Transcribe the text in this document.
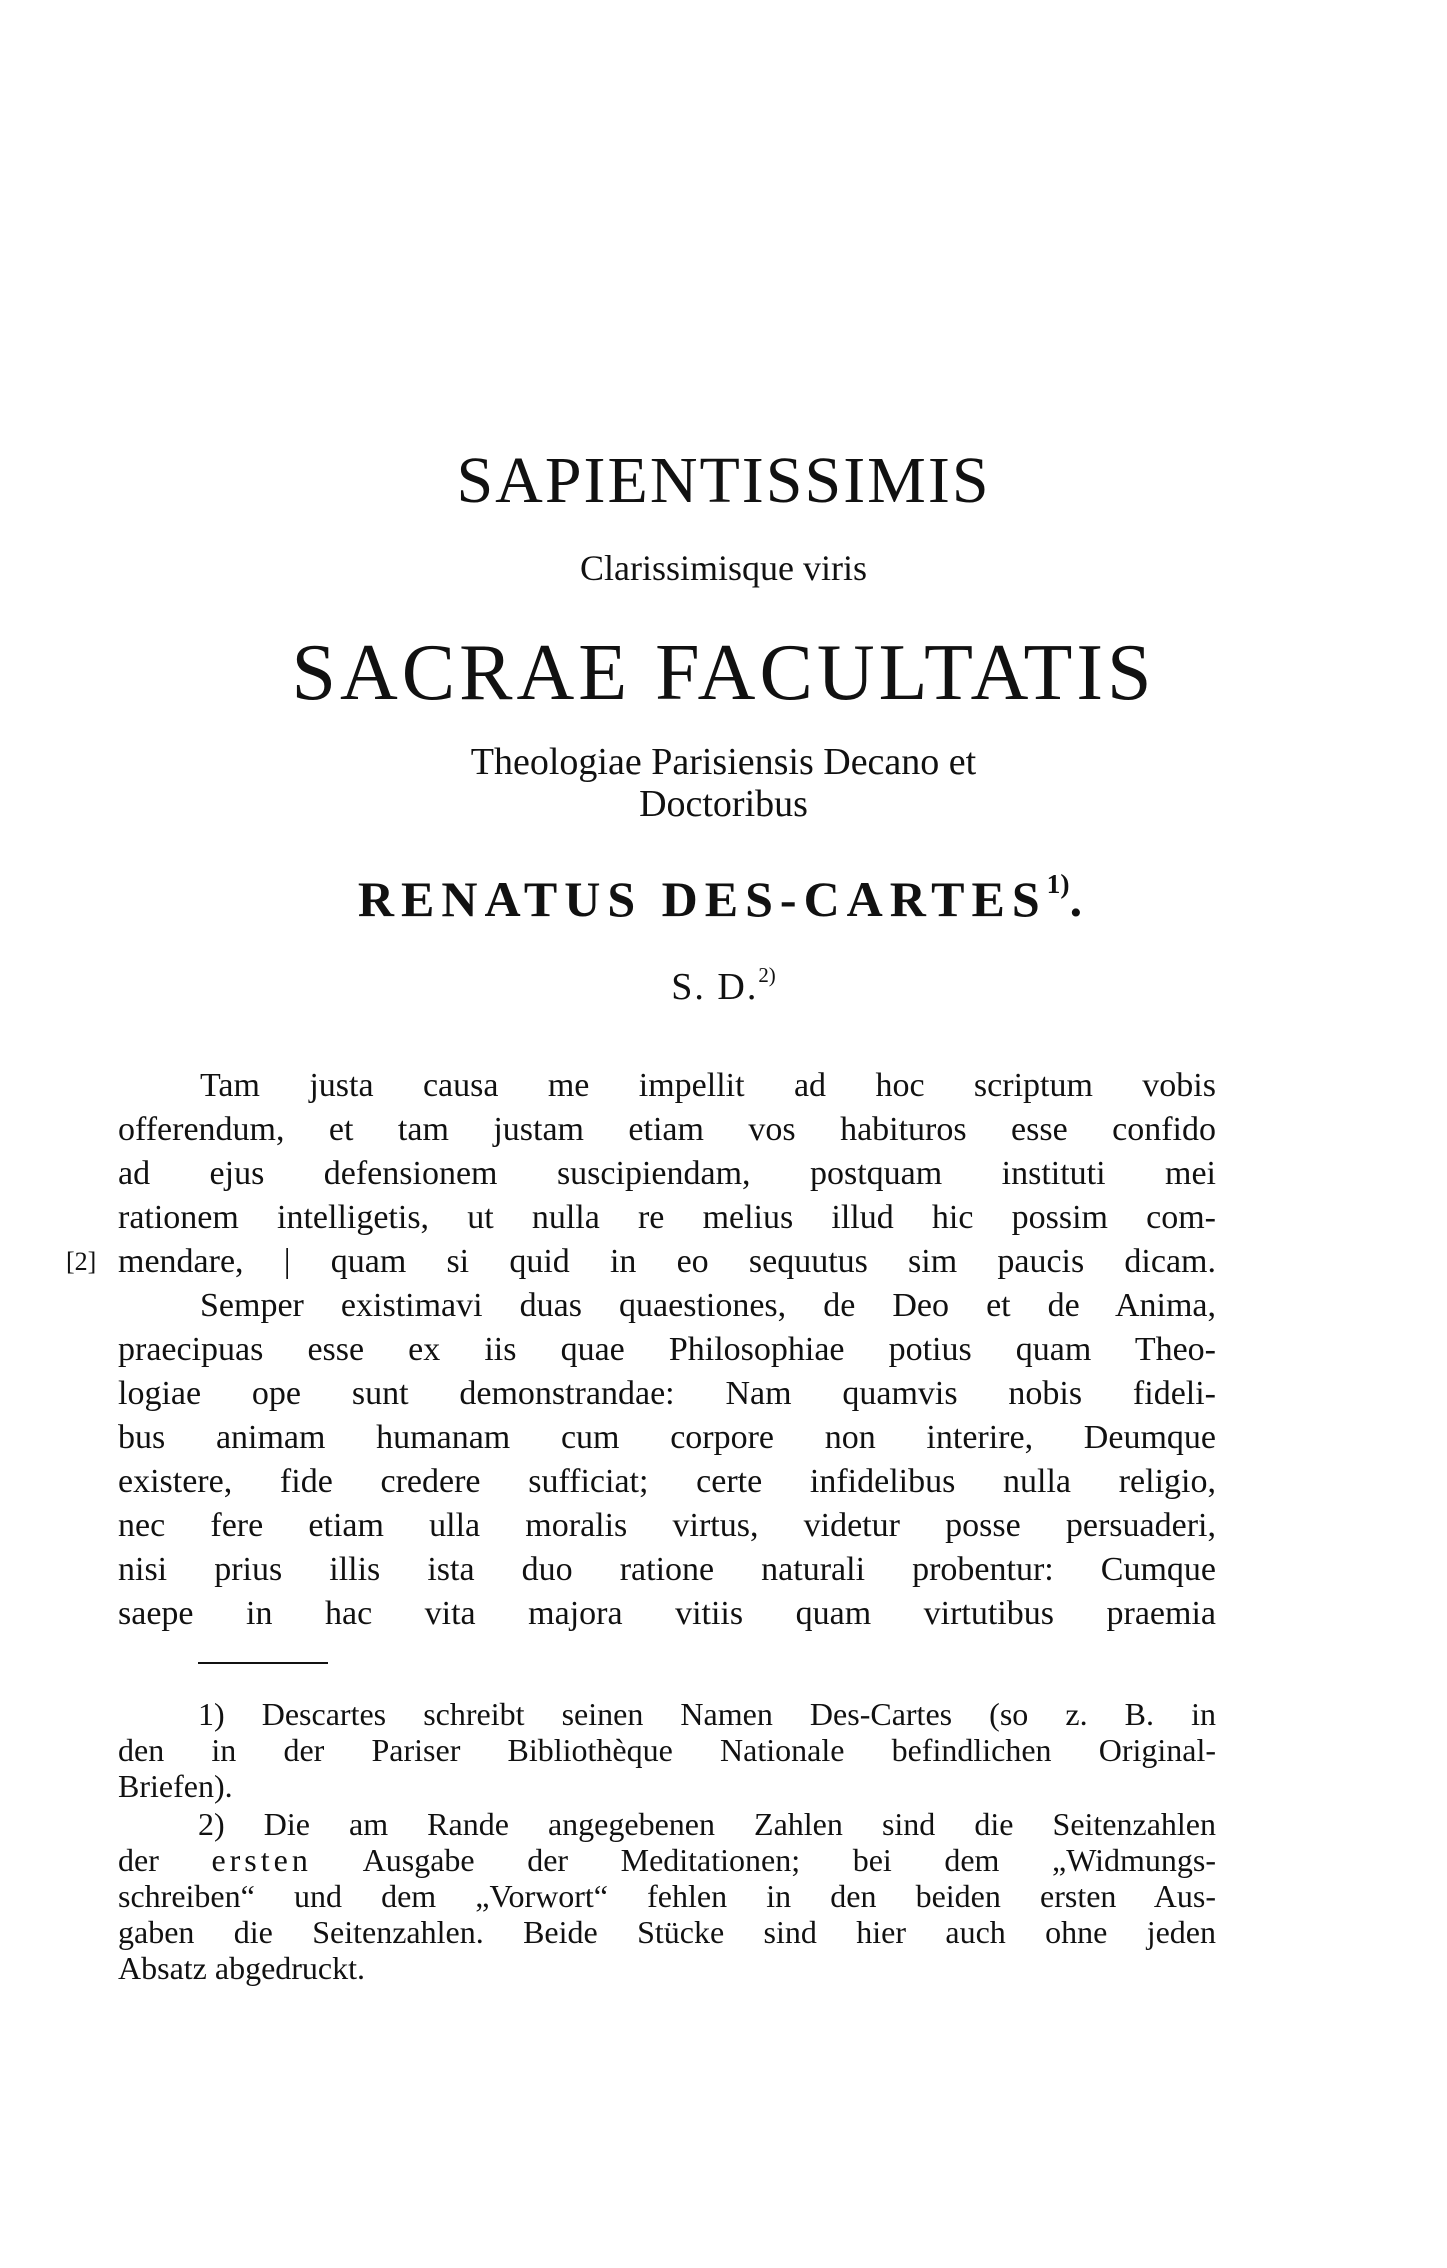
SAPIENTISSIMIS
Clarissimisque viris
SACRAE FACULTATIS
Theologiae Parisiensis Decano et
Doctoribus
RENATUS DES-CARTES$^{1)}$.
S. D.$^{2)}$
[2]
Tam justa causa me impellit ad hoc scriptum vobis
offerendum, et tam justam etiam vos habituros esse confido
ad ejus defensionem suscipiendam, postquam instituti mei
rationem intelligetis, ut nulla re melius illud hic possim com-
mendare, | quam si quid in eo sequutus sim paucis dicam.
Semper existimavi duas quaestiones, de Deo et de Anima,
praecipuas esse ex iis quae Philosophiae potius quam Theo-
logiae ope sunt demonstrandae: Nam quamvis nobis fideli-
bus animam humanam cum corpore non interire, Deumque
existere, fide credere sufficiat; certe infidelibus nulla religio,
nec fere etiam ulla moralis virtus, videtur posse persuaderi,
nisi prius illis ista duo ratione naturali probentur: Cumque
saepe in hac vita majora vitiis quam virtutibus praemia
1) Descartes schreibt seinen Namen Des-Cartes (so z. B. in
den in der Pariser Bibliothèque Nationale befindlichen Original-
Briefen).
2) Die am Rande angegebenen Zahlen sind die Seitenzahlen
der ersten Ausgabe der Meditationen; bei dem „Widmungs-
schreiben“ und dem „Vorwort“ fehlen in den beiden ersten Aus-
gaben die Seitenzahlen. Beide Stücke sind hier auch ohne jeden
Absatz abgedruckt.
